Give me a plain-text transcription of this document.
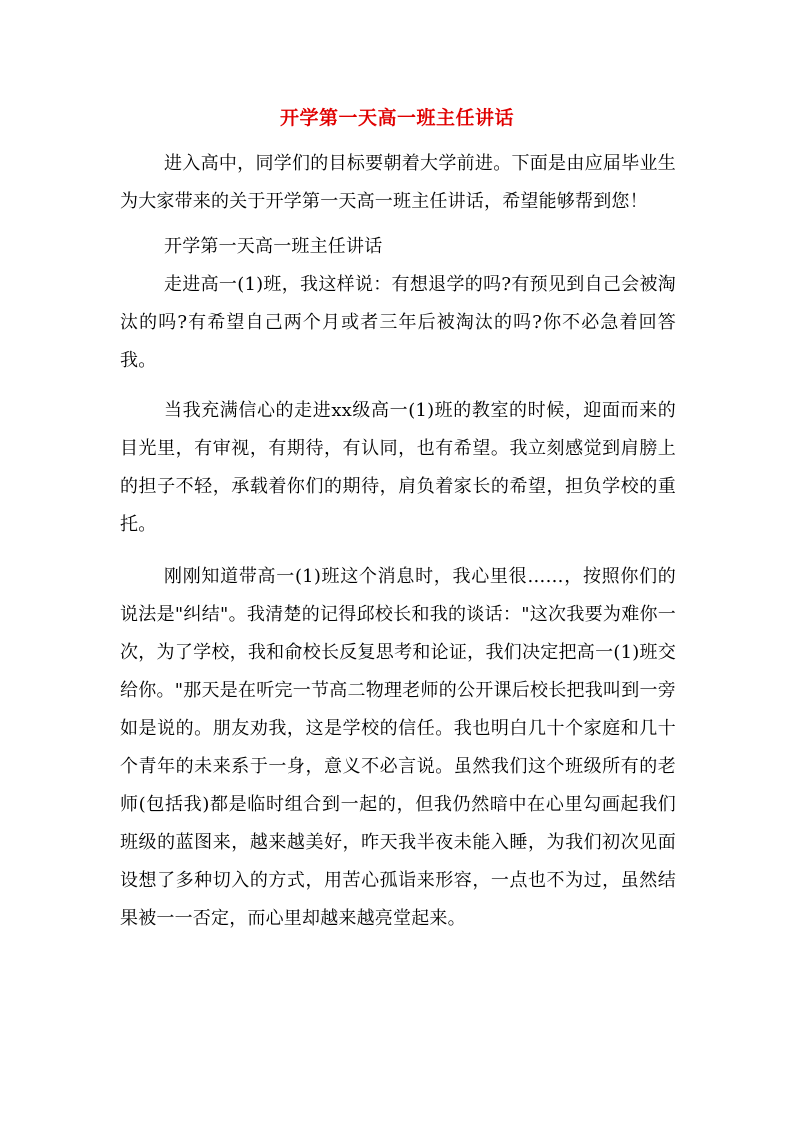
开学第一天高一班主任讲话
进入高中，同学们的目标要朝着大学前进。下面是由应届毕业生为大家带来的关于开学第一天高一班主任讲话，希望能够帮到您！
开学第一天高一班主任讲话
走进高一(1)班，我这样说：有想退学的吗?有预见到自己会被淘汰的吗?有希望自己两个月或者三年后被淘汰的吗?你不必急着回答我。
当我充满信心的走进xx级高一(1)班的教室的时候，迎面而来的目光里，有审视，有期待，有认同，也有希望。我立刻感觉到肩膀上的担子不轻，承载着你们的期待，肩负着家长的希望，担负学校的重托。
刚刚知道带高一(1)班这个消息时，我心里很……，按照你们的说法是"纠结"。我清楚的记得邱校长和我的谈话："这次我要为难你一次，为了学校，我和俞校长反复思考和论证，我们决定把高一(1)班交给你。"那天是在听完一节高二物理老师的公开课后校长把我叫到一旁如是说的。朋友劝我，这是学校的信任。我也明白几十个家庭和几十个青年的未来系于一身，意义不必言说。虽然我们这个班级所有的老师(包括我)都是临时组合到一起的，但我仍然暗中在心里勾画起我们班级的蓝图来，越来越美好，昨天我半夜未能入睡，为我们初次见面设想了多种切入的方式，用苦心孤诣来形容，一点也不为过，虽然结果被一一否定，而心里却越来越亮堂起来。
